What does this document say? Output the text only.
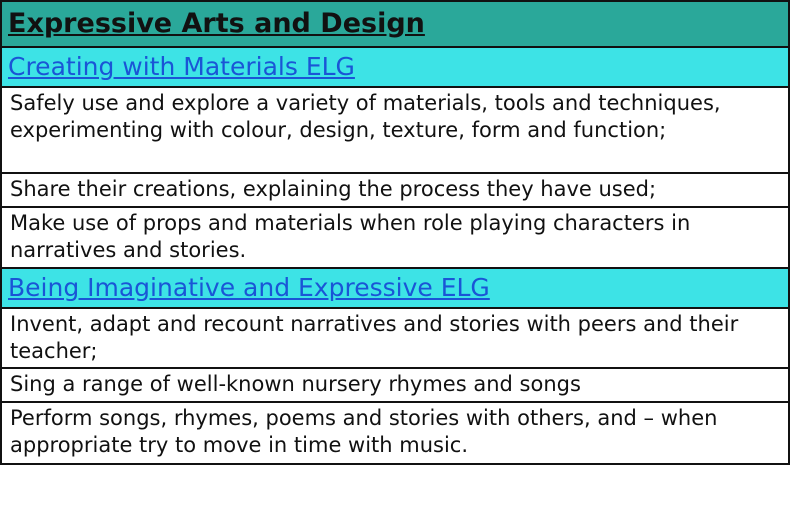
Expressive Arts and Design
Creating with Materials ELG
Safely use and explore a variety of materials, tools and techniques, experimenting with colour, design, texture, form and function;
Share their creations, explaining the process they have used;
Make use of props and materials when role playing characters in narratives and stories.
Being Imaginative and Expressive ELG
Invent, adapt and recount narratives and stories with peers and their teacher;
Sing a range of well-known nursery rhymes and songs
Perform songs, rhymes, poems and stories with others, and – when appropriate try to move in time with music.
